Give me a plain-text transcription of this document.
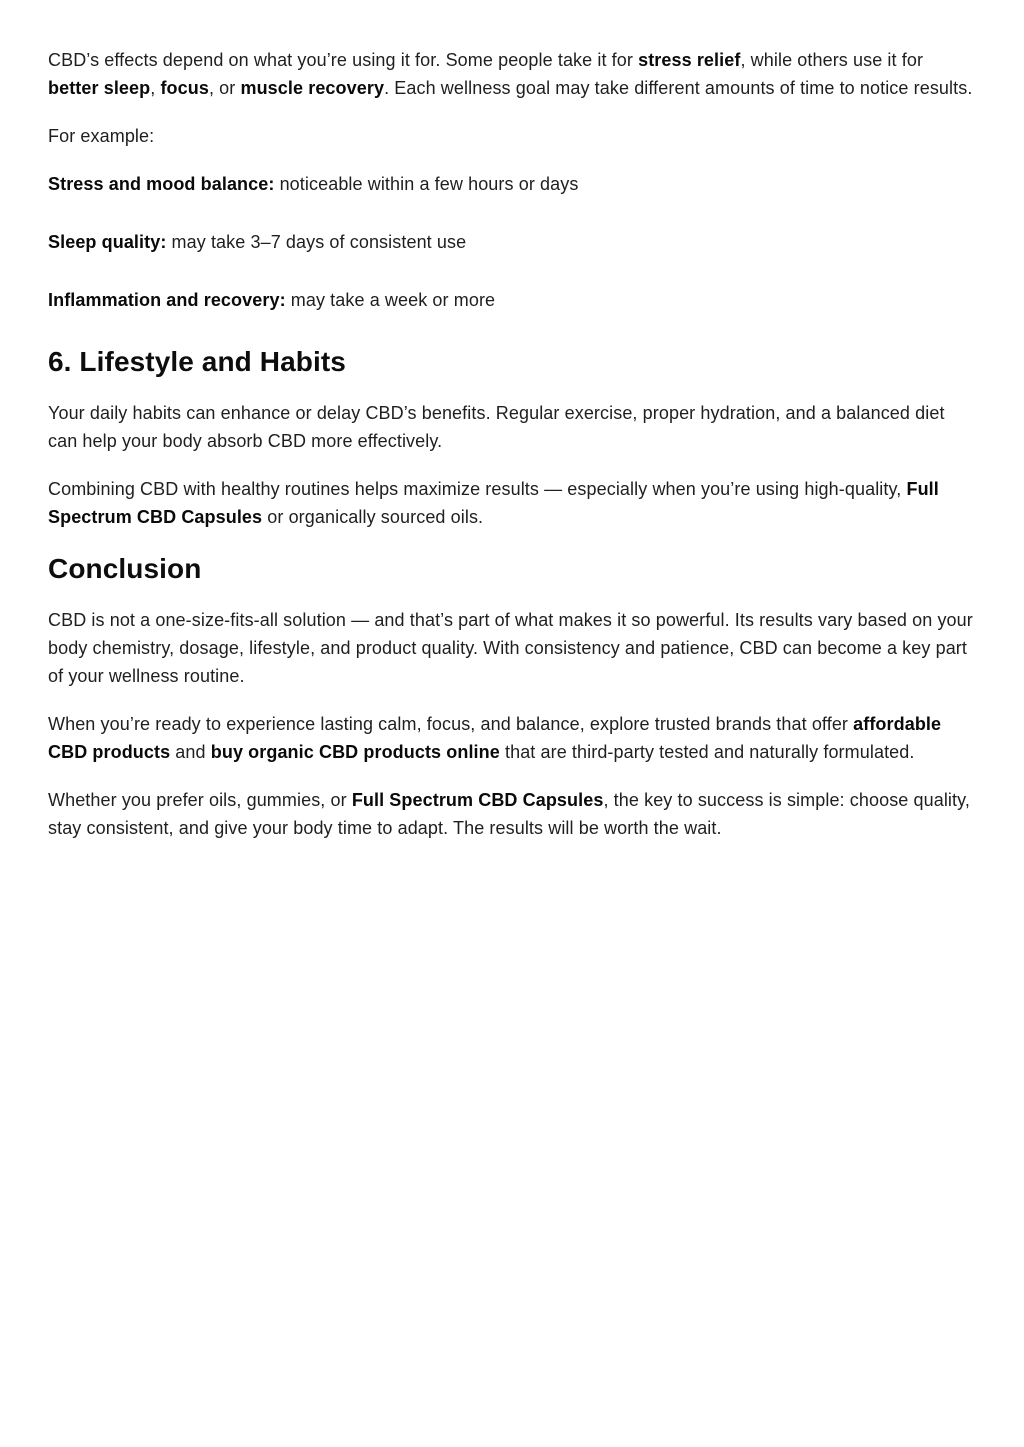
CBD’s effects depend on what you’re using it for. Some people take it for stress relief, while others use it for better sleep, focus, or muscle recovery. Each wellness goal may take different amounts of time to notice results.

For example:

Stress and mood balance: noticeable within a few hours or days

Sleep quality: may take 3–7 days of consistent use

Inflammation and recovery: may take a week or more

6. Lifestyle and Habits

Your daily habits can enhance or delay CBD’s benefits. Regular exercise, proper hydration, and a balanced diet can help your body absorb CBD more effectively.

Combining CBD with healthy routines helps maximize results — especially when you’re using high-quality, Full Spectrum CBD Capsules or organically sourced oils.

Conclusion

CBD is not a one-size-fits-all solution — and that’s part of what makes it so powerful. Its results vary based on your body chemistry, dosage, lifestyle, and product quality. With consistency and patience, CBD can become a key part of your wellness routine.

When you’re ready to experience lasting calm, focus, and balance, explore trusted brands that offer affordable CBD products and buy organic CBD products online that are third-party tested and naturally formulated.

Whether you prefer oils, gummies, or Full Spectrum CBD Capsules, the key to success is simple: choose quality, stay consistent, and give your body time to adapt. The results will be worth the wait.
